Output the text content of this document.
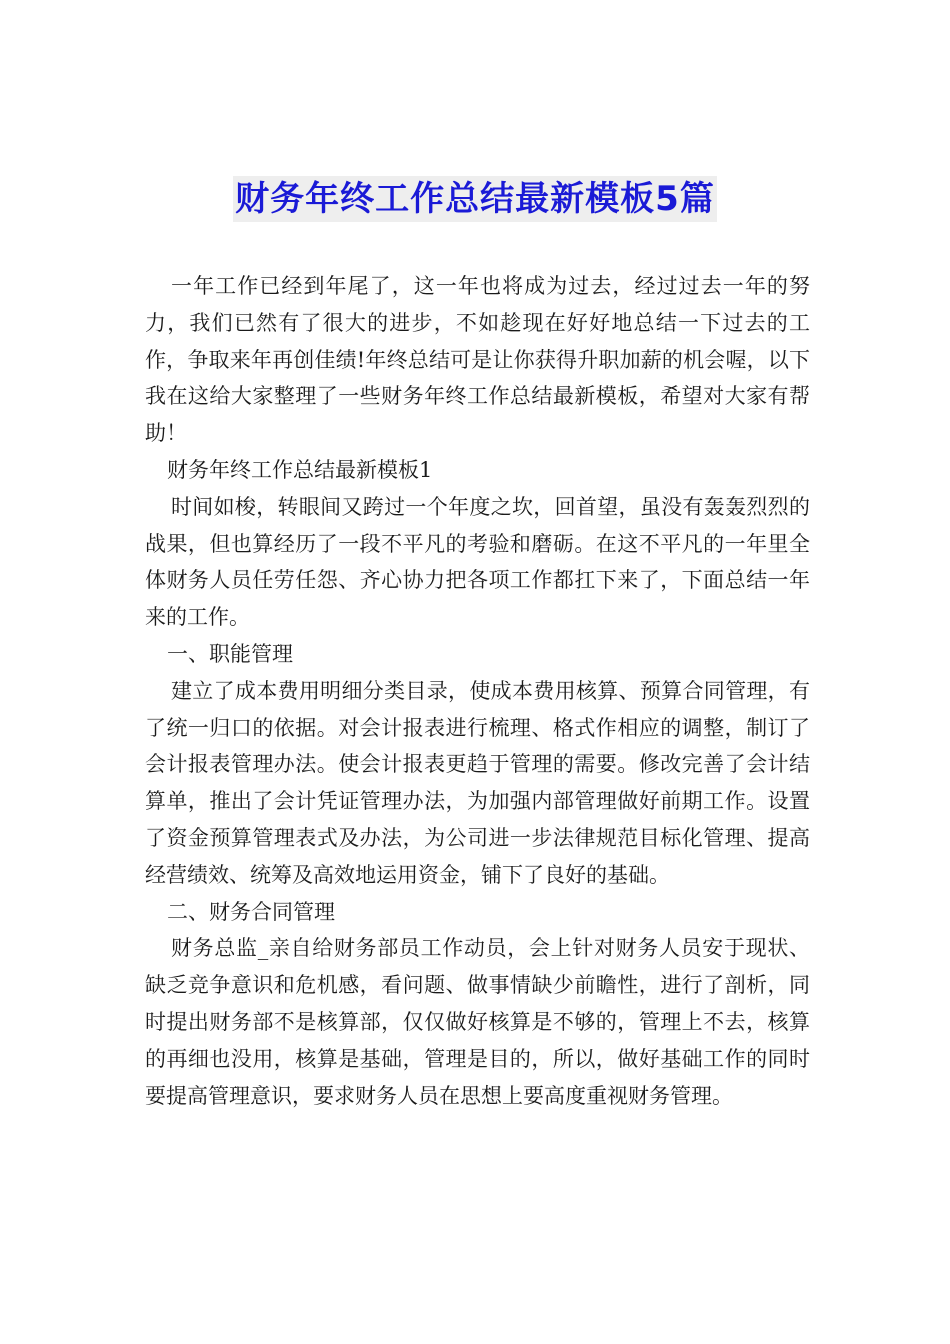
财务年终工作总结最新模板5篇

一年工作已经到年尾了，这一年也将成为过去，经过过去一年的努力，我们已然有了很大的进步，不如趁现在好好地总结一下过去的工作，争取来年再创佳绩!年终总结可是让你获得升职加薪的机会喔，以下我在这给大家整理了一些财务年终工作总结最新模板，希望对大家有帮助！

财务年终工作总结最新模板1

时间如梭，转眼间又跨过一个年度之坎，回首望，虽没有轰轰烈烈的战果，但也算经历了一段不平凡的考验和磨砺。在这不平凡的一年里全体财务人员任劳任怨、齐心协力把各项工作都扛下来了，下面总结一年来的工作。

一、职能管理

建立了成本费用明细分类目录，使成本费用核算、预算合同管理，有了统一归口的依据。对会计报表进行梳理、格式作相应的调整，制订了会计报表管理办法。使会计报表更趋于管理的需要。修改完善了会计结算单，推出了会计凭证管理办法，为加强内部管理做好前期工作。设置了资金预算管理表式及办法，为公司进一步法律规范目标化管理、提高经营绩效、统筹及高效地运用资金，铺下了良好的基础。

二、财务合同管理

财务总监_亲自给财务部员工作动员，会上针对财务人员安于现状、缺乏竞争意识和危机感，看问题、做事情缺少前瞻性，进行了剖析，同时提出财务部不是核算部，仅仅做好核算是不够的，管理上不去，核算的再细也没用，核算是基础，管理是目的，所以，做好基础工作的同时要提高管理意识，要求财务人员在思想上要高度重视财务管理。
